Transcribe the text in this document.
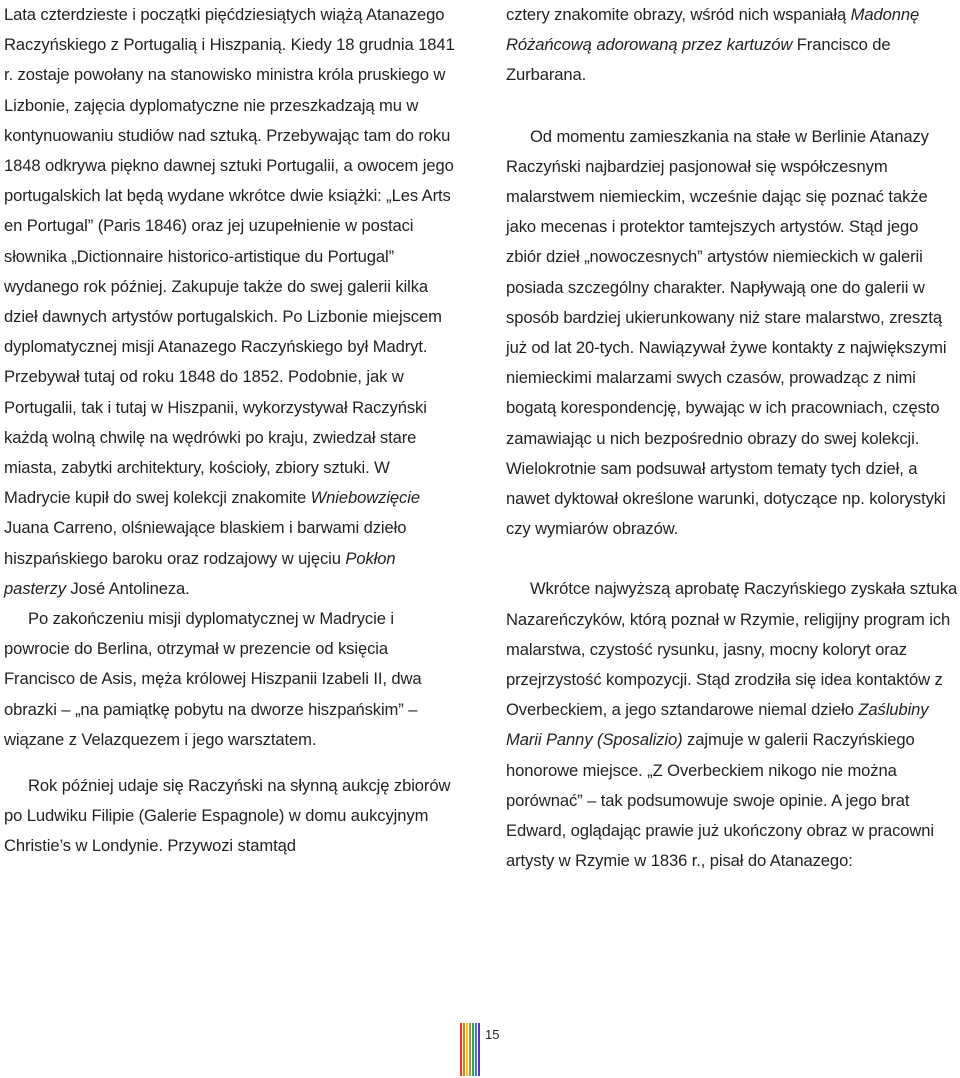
Lata czterdzieste i początki pięćdziesiątych wiążą Atanazego Raczyńskiego z Portugalią i Hiszpanią. Kiedy 18 grudnia 1841 r. zostaje powołany na stanowisko ministra króla pruskiego w Lizbonie, zajęcia dyplomatyczne nie przeszkadzają mu w kontynuowaniu studiów nad sztuką. Przebywając tam do roku 1848 odkrywa piękno dawnej sztuki Portugalii, a owocem jego portugalskich lat będą wydane wkrótce dwie książki: „Les Arts en Portugal” (Paris 1846) oraz jej uzupełnienie w postaci słownika „Dictionnaire historico-artistique du Portugal” wydanego rok później. Zakupuje także do swej galerii kilka dzieł dawnych artystów portugalskich. Po Lizbonie miejscem dyplomatycznej misji Atanazego Raczyńskiego był Madryt. Przebywał tutaj od roku 1848 do 1852. Podobnie, jak w Portugalii, tak i tutaj w Hiszpanii, wykorzystywał Raczyński każdą wolną chwilę na wędrówki po kraju, zwiedzał stare miasta, zabytki architektury, kościoły, zbiory sztuki. W Madrycie kupił do swej kolekcji znakomite Wniebowzięcie Juana Carreno, olśniewające blaskiem i barwami dzieło hiszpańskiego baroku oraz rodzajowy w ujęciu Pokłon pasterzy José Antolineza.

Po zakończeniu misji dyplomatycznej w Madrycie i powrocie do Berlina, otrzymał w prezencie od księcia Francisco de Asis, męża królowej Hiszpanii Izabeli II, dwa obrazki – „na pamiątkę pobytu na dworze hiszpańskim” – wiązane z Velazquezem i jego warsztatem.

Rok później udaje się Raczyński na słynną aukcję zbiorów po Ludwiku Filipie (Galerie Espagnole) w domu aukcyjnym Christie’s w Londynie. Przywozi stamtąd

cztery znakomite obrazy, wśród nich wspaniałą Madonnę Różańcową adorowaną przez kartuzów Francisco de Zurbarana.

Od momentu zamieszkania na stałe w Berlinie Atanazy Raczyński najbardziej pasjonował się współczesnym malarstwem niemieckim, wcześnie dając się poznać także jako mecenas i protektor tamtejszych artystów. Stąd jego zbiór dzieł „nowoczesnych” artystów niemieckich w galerii posiada szczególny charakter. Napływają one do galerii w sposób bardziej ukierunkowany niż stare malarstwo, zresztą już od lat 20-tych. Nawiązywał żywe kontakty z największymi niemieckimi malarzami swych czasów, prowadząc z nimi bogatą korespondencję, bywając w ich pracowniach, często zamawiając u nich bezpośrednio obrazy do swej kolekcji. Wielokrotnie sam podsuwał artystom tematy tych dzieł, a nawet dyktował określone warunki, dotyczące np. kolorystyki czy wymiarów obrazów.

Wkrótce najwyższą aprobatę Raczyńskiego zyskała sztuka Nazareńczyków, którą poznał w Rzymie, religijny program ich malarstwa, czystość rysunku, jasny, mocny koloryt oraz przejrzystość kompozycji. Stąd zrodziła się idea kontaktów z Overbeckiem, a jego sztandarowe niemal dzieło Zaślubiny Marii Panny (Sposalizio) zajmuje w galerii Raczyńskiego honorowe miejsce. „Z Overbeckiem nikogo nie można porównać” – tak podsumowuje swoje opinie. A jego brat Edward, oglądając prawie już ukończony obraz w pracowni artysty w Rzymie w 1836 r., pisał do Atanazego:

15
